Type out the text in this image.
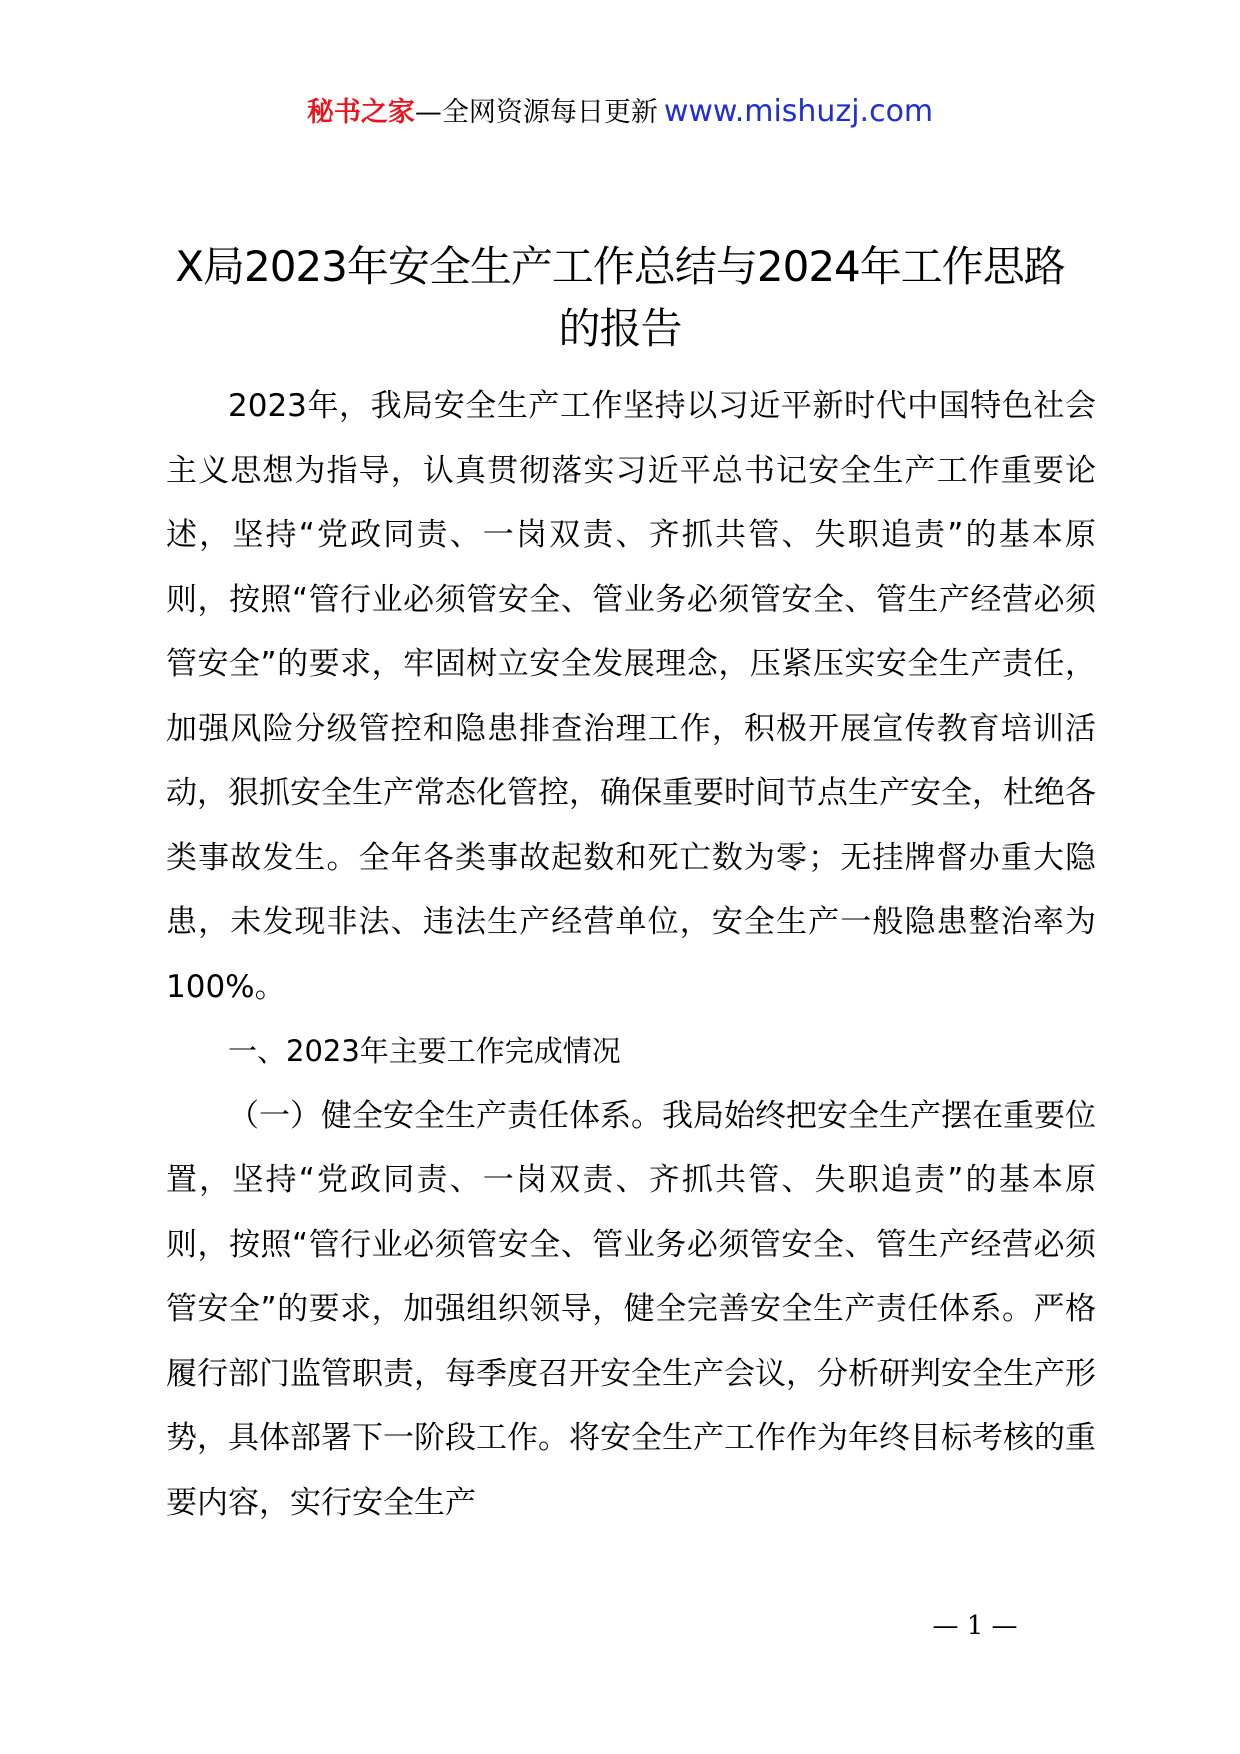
秘书之家—全网资源每日更新 www.mishuzj.com
X局2023年安全生产工作总结与2024年工作思路的报告

2023年，我局安全生产工作坚持以习近平新时代中国特色社会主义思想为指导，认真贯彻落实习近平总书记安全生产工作重要论述，坚持“党政同责、一岗双责、齐抓共管、失职追责”的基本原则，按照“管行业必须管安全、管业务必须管安全、管生产经营必须管安全”的要求，牢固树立安全发展理念，压紧压实安全生产责任，加强风险分级管控和隐患排查治理工作，积极开展宣传教育培训活动，狠抓安全生产常态化管控，确保重要时间节点生产安全，杜绝各类事故发生。全年各类事故起数和死亡数为零；无挂牌督办重大隐患，未发现非法、违法生产经营单位，安全生产一般隐患整治率为100%。

一、2023年主要工作完成情况

（一）健全安全生产责任体系。我局始终把安全生产摆在重要位置，坚持“党政同责、一岗双责、齐抓共管、失职追责”的基本原则，按照“管行业必须管安全、管业务必须管安全、管生产经营必须管安全”的要求，加强组织领导，健全完善安全生产责任体系。严格履行部门监管职责，每季度召开安全生产会议，分析研判安全生产形势，具体部署下一阶段工作。将安全生产工作作为年终目标考核的重要内容，实行安全生产

— 1 —
